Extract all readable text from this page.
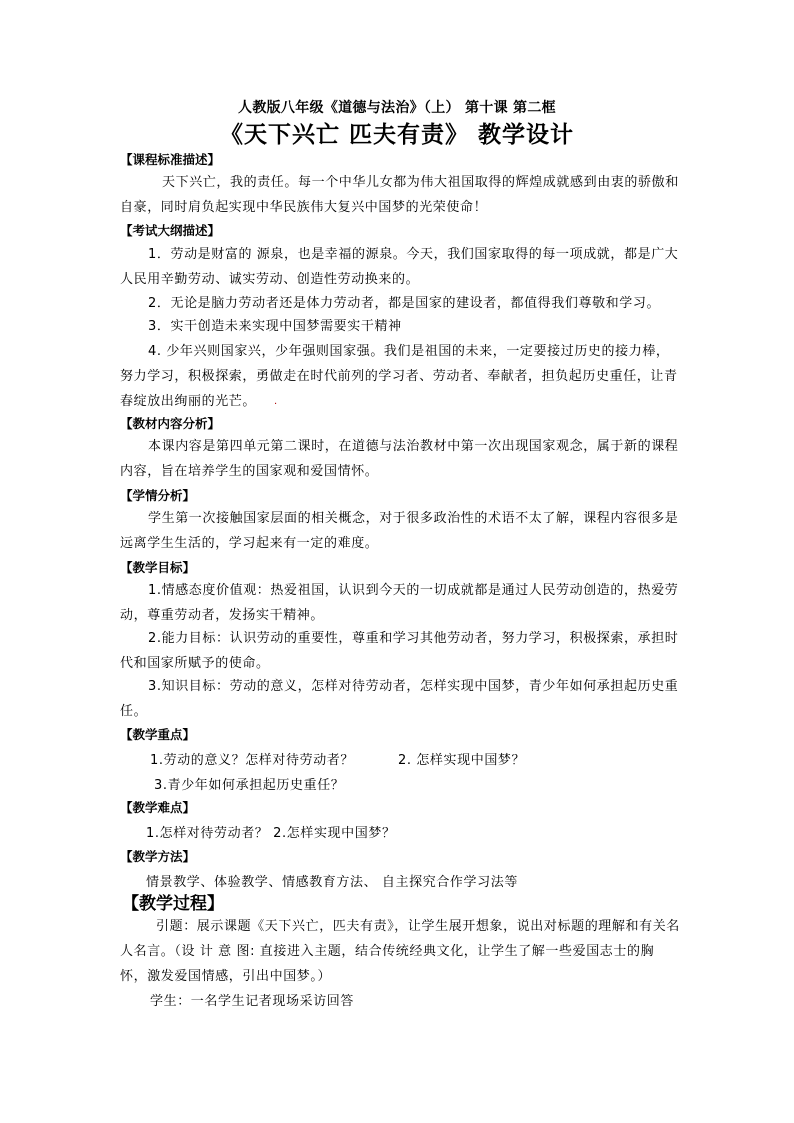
人教版八年级《道德与法治》（上） 第十课 第二框
《天下兴亡 匹夫有责》 教学设计
【课程标准描述】
天下兴亡，我的责任。每一个中华儿女都为伟大祖国取得的辉煌成就感到由衷的骄傲和自豪，同时肩负起实现中华民族伟大复兴中国梦的光荣使命！
【考试大纲描述】
1．劳动是财富的 源泉，也是幸福的源泉。今天，我们国家取得的每一项成就，都是广大人民用辛勤劳动、诚实劳动、创造性劳动换来的。
2．无论是脑力劳动者还是体力劳动者，都是国家的建设者，都值得我们尊敬和学习。
3．实干创造未来实现中国梦需要实干精神
4. 少年兴则国家兴，少年强则国家强。我们是祖国的未来，一定要接过历史的接力棒，努力学习，积极探索，勇做走在时代前列的学习者、劳动者、奉献者，担负起历史重任，让青春绽放出绚丽的光芒。	.
【教材内容分析】
本课内容是第四单元第二课时，在道德与法治教材中第一次出现国家观念，属于新的课程内容，旨在培养学生的国家观和爱国情怀。
【学情分析】
学生第一次接触国家层面的相关概念，对于很多政治性的术语不太了解，课程内容很多是远离学生生活的，学习起来有一定的难度。
【教学目标】
1.情感态度价值观：热爱祖国，认识到今天的一切成就都是通过人民劳动创造的，热爱劳动，尊重劳动者，发扬实干精神。
2.能力目标：认识劳动的重要性，尊重和学习其他劳动者，努力学习，积极探索，承担时代和国家所赋予的使命。
3.知识目标：劳动的意义，怎样对待劳动者，怎样实现中国梦，青少年如何承担起历史重任。
【教学重点】
1.劳动的意义？怎样对待劳动者？	2. 怎样实现中国梦？
3.青少年如何承担起历史重任？
【教学难点】
1.怎样对待劳动者？ 2.怎样实现中国梦？
【教学方法】
情景教学、体验教学、情感教育方法、 自主探究合作学习法等
【教学过程】
引题：展示课题《天下兴亡，匹夫有责》，让学生展开想象，说出对标题的理解和有关名人名言。（设 计 意 图: 直接进入主题，结合传统经典文化，让学生了解一些爱国志士的胸怀，激发爱国情感，引出中国梦。）
学生：一名学生记者现场采访回答
